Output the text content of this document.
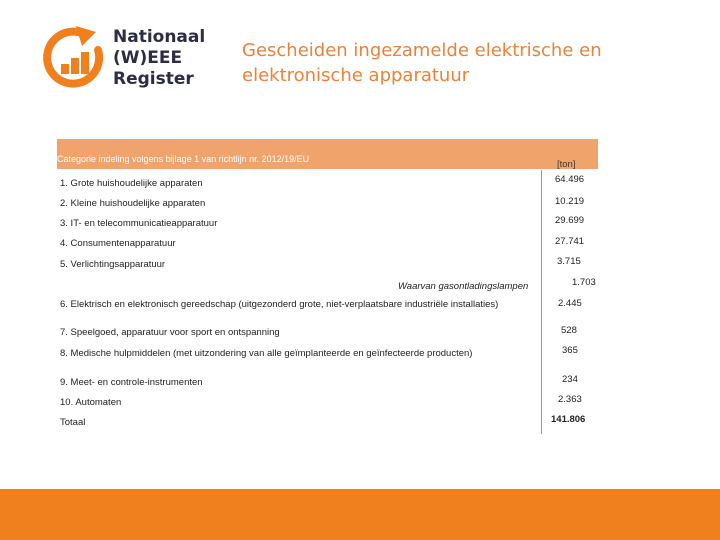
Nationaal
(W)EEE
Register
Gescheiden ingezamelde elektrische en elektronische apparatuur
Categorie indeling volgens bijlage 1 van richtlijn nr. 2012/19/EU	[ton]
1. Grote huishoudelijke apparaten	64.496
2. Kleine huishoudelijke apparaten	10.219
3. IT- en telecommunicatieapparatuur	29.699
4. Consumentenapparatuur	27.741
5. Verlichtingsapparatuur	3.715
Waarvan gasontladingslampen	1.703
6. Elektrisch en elektronisch gereedschap (uitgezonderd grote, niet-verplaatsbare industriële installaties)	2.445
7. Speelgoed, apparatuur voor sport en ontspanning	528
8. Medische hulpmiddelen (met uitzondering van alle geïmplanteerde en geïnfecteerde producten)	365
9. Meet- en controle-instrumenten	234
10. Automaten	2.363
Totaal	141.806
